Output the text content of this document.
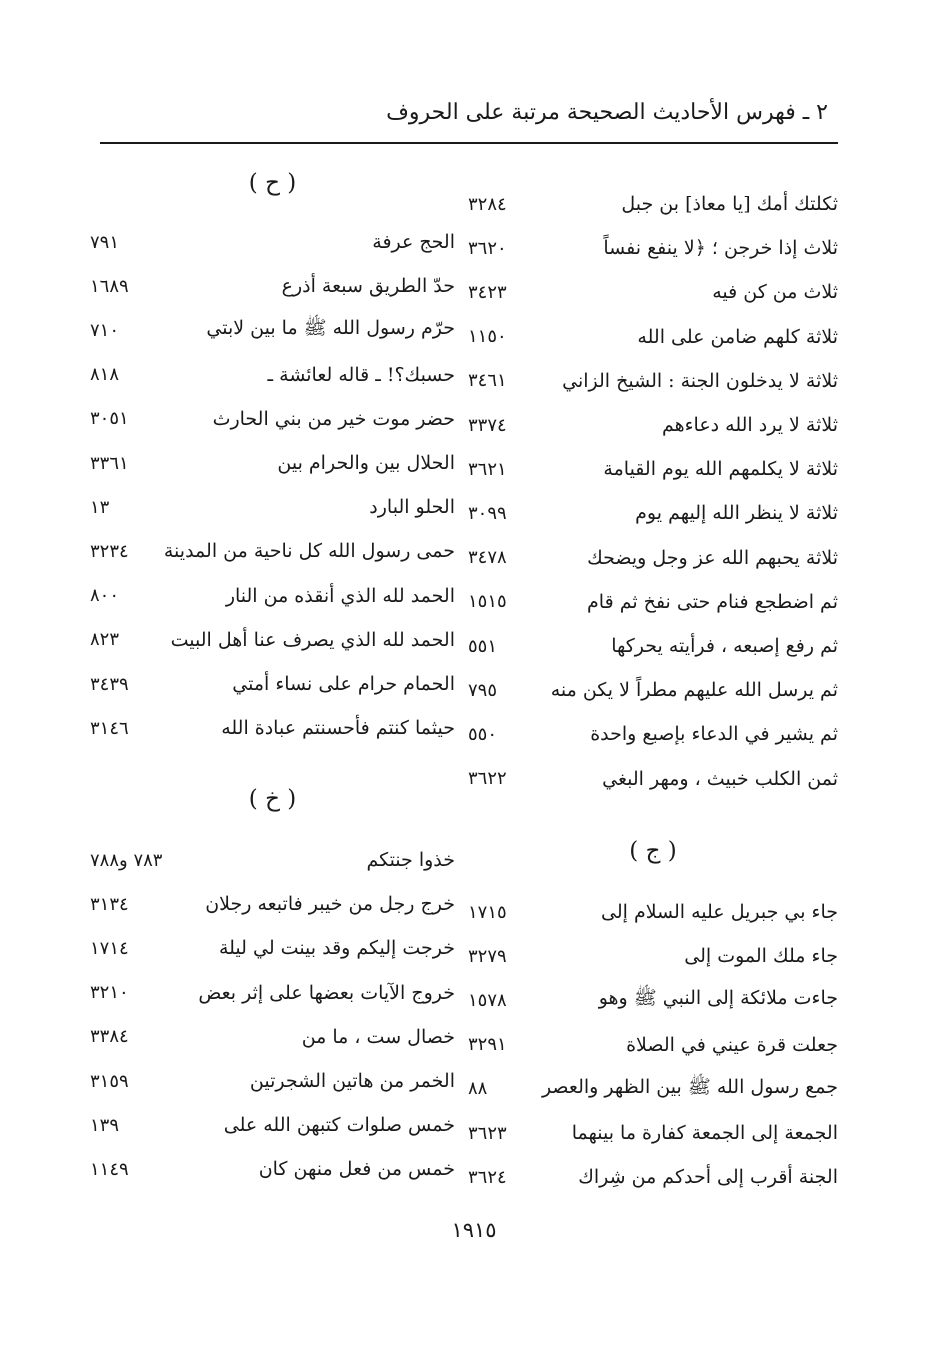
٢ ـ فهرس الأحاديث الصحيحة مرتبة على الحروف
ثكلتك أمك [يا معاذ] بن جبل
٣٢٨٤
ثلاث إذا خرجن ؛ ﴿لا ينفع نفساً
٣٦٢٠
ثلاث من كن فيه
٣٤٢٣
ثلاثة كلهم ضامن على الله
١١٥٠
ثلاثة لا يدخلون الجنة : الشيخ الزاني
٣٤٦١
ثلاثة لا يرد الله دعاءهم
٣٣٧٤
ثلاثة لا يكلمهم الله يوم القيامة
٣٦٢١
ثلاثة لا ينظر الله إليهم يوم
٣٠٩٩
ثلاثة يحبهم الله عز وجل ويضحك
٣٤٧٨
ثم اضطجع فنام حتى نفخ ثم قام
١٥١٥
ثم رفع إصبعه ، فرأيته يحركها
٥٥١
ثم يرسل الله عليهم مطراً لا يكن منه
٧٩٥
ثم يشير في الدعاء بإصبع واحدة
٥٥٠
ثمن الكلب خبيث ، ومهر البغي
٣٦٢٢
( ج )
جاء بي جبريل عليه السلام إلى
١٧١٥
جاء ملك الموت إلى
٣٢٧٩
جاءت ملائكة إلى النبي ﷺ وهو
١٥٧٨
جعلت قرة عيني في الصلاة
٣٢٩١
جمع رسول الله ﷺ بين الظهر والعصر
٨٨
الجمعة إلى الجمعة كفارة ما بينهما
٣٦٢٣
الجنة أقرب إلى أحدكم من شِراك
٣٦٢٤
( ح )
الحج عرفة
٧٩١
حدّ الطريق سبعة أذرع
١٦٨٩
حرّم رسول الله ﷺ ما بين لابتي
٧١٠
حسبك؟! ـ قاله لعائشة ـ
٨١٨
حضر موت خير من بني الحارث
٣٠٥١
الحلال بين والحرام بين
٣٣٦١
الحلو البارد
١٣
حمى رسول الله كل ناحية من المدينة
٣٢٣٤
الحمد لله الذي أنقذه من النار
٨٠٠
الحمد لله الذي يصرف عنا أهل البيت
٨٢٣
الحمام حرام على نساء أمتي
٣٤٣٩
حيثما كنتم فأحسنتم عبادة الله
٣١٤٦
( خ )
خذوا جنتكم
٧٨٣ و٧٨٨
خرج رجل من خيبر فاتبعه رجلان
٣١٣٤
خرجت إليكم وقد بينت لي ليلة
١٧١٤
خروج الآيات بعضها على إثر بعض
٣٢١٠
خصال ست ، ما من
٣٣٨٤
الخمر من هاتين الشجرتين
٣١٥٩
خمس صلوات كتبهن الله على
١٣٩
خمس من فعل منهن كان
١١٤٩
١٩١٥
